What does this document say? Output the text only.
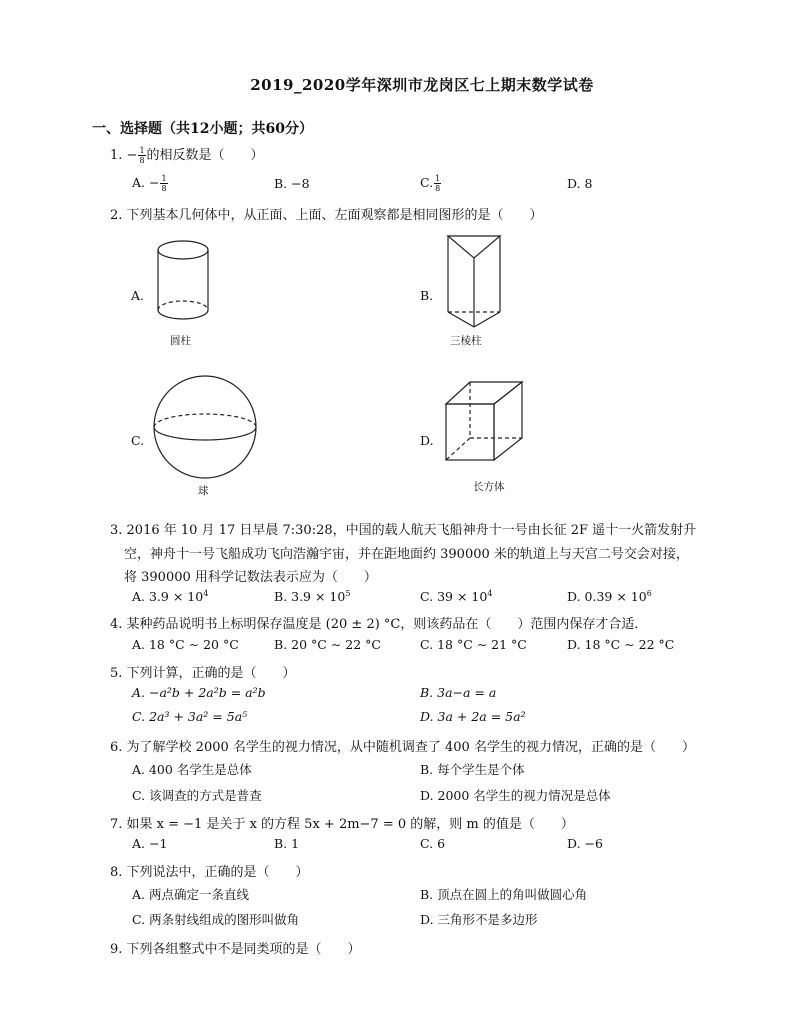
2019_2020学年深圳市龙岗区七上期末数学试卷
一、选择题（共12小题；共60分）
1. − $\frac{1}{8}$ 的相反数是（　　）
A. − $\frac{1}{8}$	B. −8	C. $\frac{1}{8}$	D. 8
2. 下列基本几何体中，从正面、上面、左面观察都是相同图形的是（　　）
A.
圆柱
B.
三棱柱
C.
球
D.
长方体
3. 2016 年 10 月 17 日早晨 7:30:28，中国的载人航天飞船神舟十一号由长征 2F 遥十一火箭发射升
空，神舟十一号飞船成功飞向浩瀚宇宙，并在距地面约 390000 米的轨道上与天宫二号交会对接，
将 390000 用科学记数法表示应为（　　）
A. $3.9 \times 10^4$	B. $3.9 \times 10^5$	C. $39 \times 10^4$	D. $0.39 \times 10^6$
4. 某种药品说明书上标明保存温度是 (20 ± 2) °C，则该药品在（　　）范围内保存才合适．
A. 18 °C ∼ 20 °C	B. 20 °C ∼ 22 °C	C. 18 °C ∼ 21 °C	D. 18 °C ∼ 22 °C
5. 下列计算，正确的是（　　）
A. −a²b + 2a²b = a²b	B. 3a−a = a
C. 2a³ + 3a² = 5a⁵	D. 3a + 2a = 5a²
6. 为了解学校 2000 名学生的视力情况，从中随机调查了 400 名学生的视力情况，正确的是（　　）
A. 400 名学生是总体	B. 每个学生是个体
C. 该调查的方式是普查	D. 2000 名学生的视力情况是总体
7. 如果 x = −1 是关于 x 的方程 5x + 2m−7 = 0 的解，则 m 的值是（　　）
A. −1	B. 1	C. 6	D. −6
8. 下列说法中，正确的是（　　）
A. 两点确定一条直线	B. 顶点在圆上的角叫做圆心角
C. 两条射线组成的图形叫做角	D. 三角形不是多边形
9. 下列各组整式中不是同类项的是（　　）
